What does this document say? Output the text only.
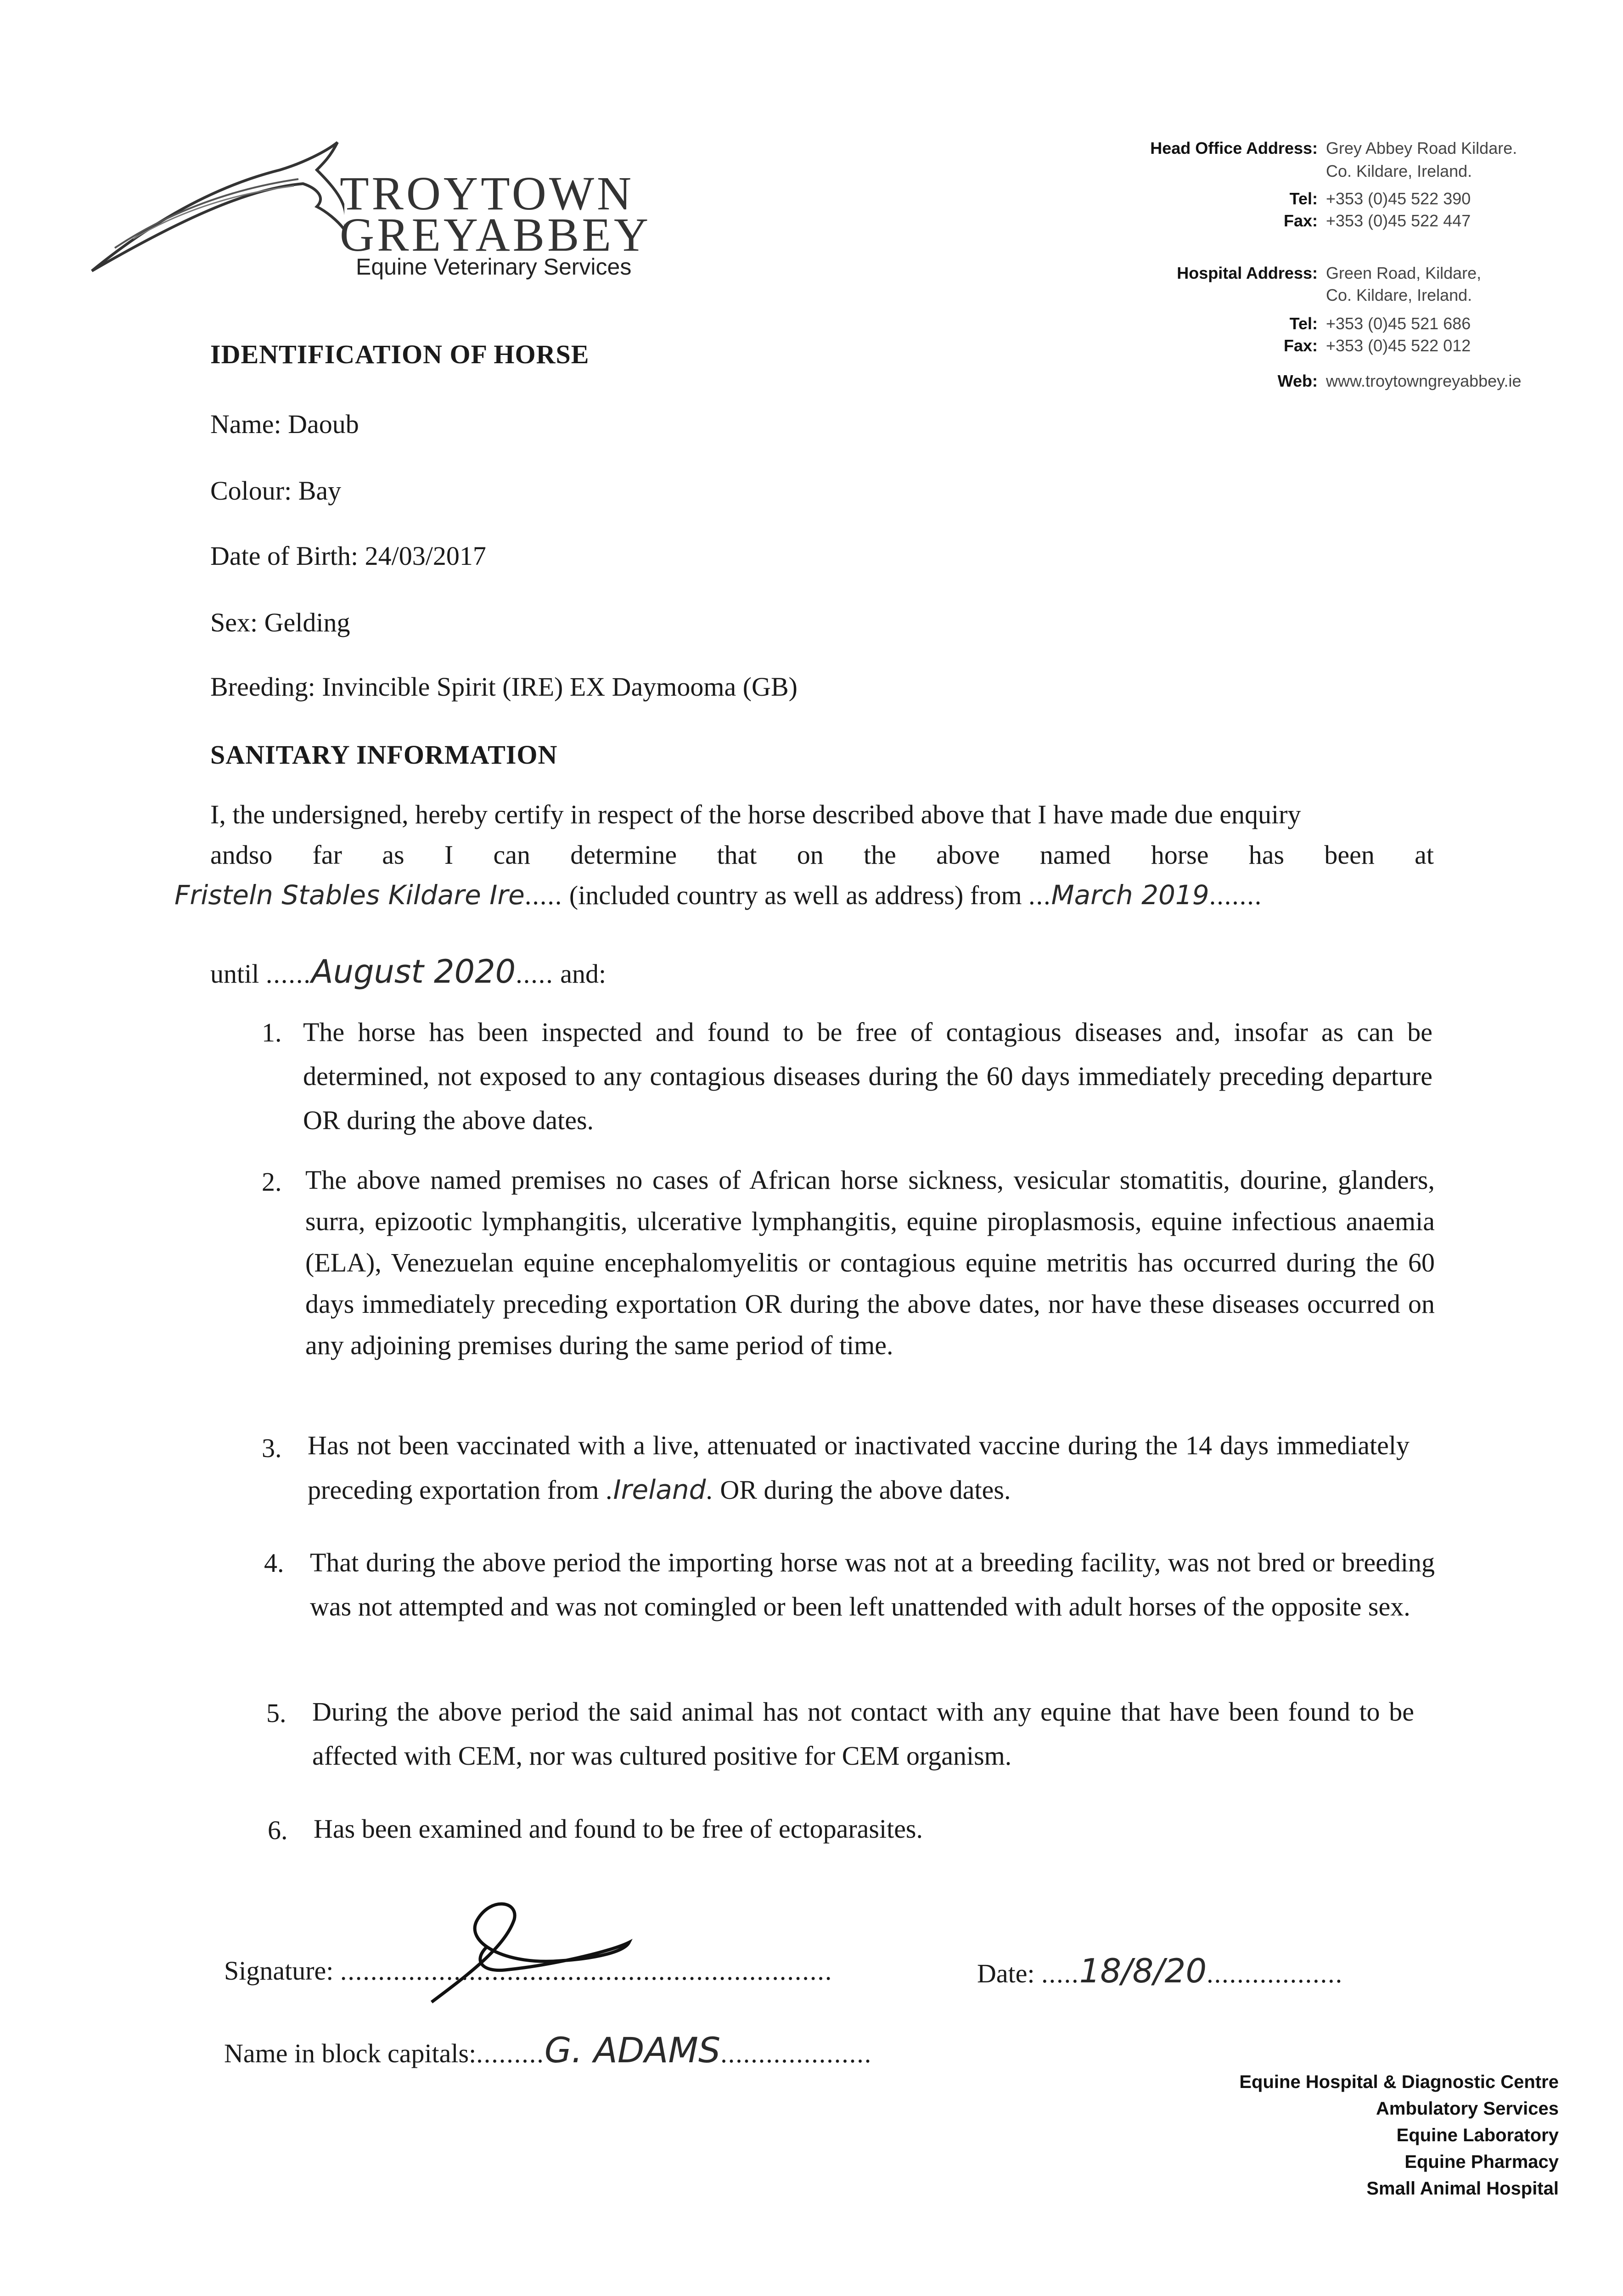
TROYTOWN
GREYABBEY
Equine Veterinary Services
Head Office Address: Grey Abbey Road Kildare.
Co. Kildare, Ireland.
Tel: +353 (0)45 522 390
Fax: +353 (0)45 522 447
Hospital Address: Green Road, Kildare,
Co. Kildare, Ireland.
Tel: +353 (0)45 521 686
Fax: +353 (0)45 522 012
Web: www.troytowngreyabbey.ie
IDENTIFICATION OF HORSE
Name: Daoub
Colour: Bay
Date of Birth: 24/03/2017
Sex: Gelding
Breeding: Invincible Spirit (IRE) EX Daymooma (GB)
SANITARY INFORMATION
I, the undersigned, hereby certify in respect of the horse described above that I have made due enquiry
andso far as I can determine that on the above named horse has been at
Fristeln Stables Kildare Ire..... (included country as well as address) from ...March 2019.......
until ......August 2020..... and:
1. The horse has been inspected and found to be free of contagious diseases and, insofar as can be determined, not exposed to any contagious diseases during the 60 days immediately preceding departure OR during the above dates.
2. The above named premises no cases of African horse sickness, vesicular stomatitis, dourine, glanders, surra, epizootic lymphangitis, ulcerative lymphangitis, equine piroplasmosis, equine infectious anaemia (ELA), Venezuelan equine encephalomyelitis or contagious equine metritis has occurred during the 60 days immediately preceding exportation OR during the above dates, nor have these diseases occurred on any adjoining premises during the same period of time.
3. Has not been vaccinated with a live, attenuated or inactivated vaccine during the 14 days immediately preceding exportation from .Ireland. OR during the above dates.
4. That during the above period the importing horse was not at a breeding facility, was not bred or breeding was not attempted and was not comingled or been left unattended with adult horses of the opposite sex.
5. During the above period the said animal has not contact with any equine that have been found to be affected with CEM, nor was cultured positive for CEM organism.
6. Has been examined and found to be free of ectoparasites.
Signature: .................................................................	Date: .....18/8/20..................
Name in block capitals:.........G. ADAMS....................
Equine Hospital & Diagnostic Centre
Ambulatory Services
Equine Laboratory
Equine Pharmacy
Small Animal Hospital
